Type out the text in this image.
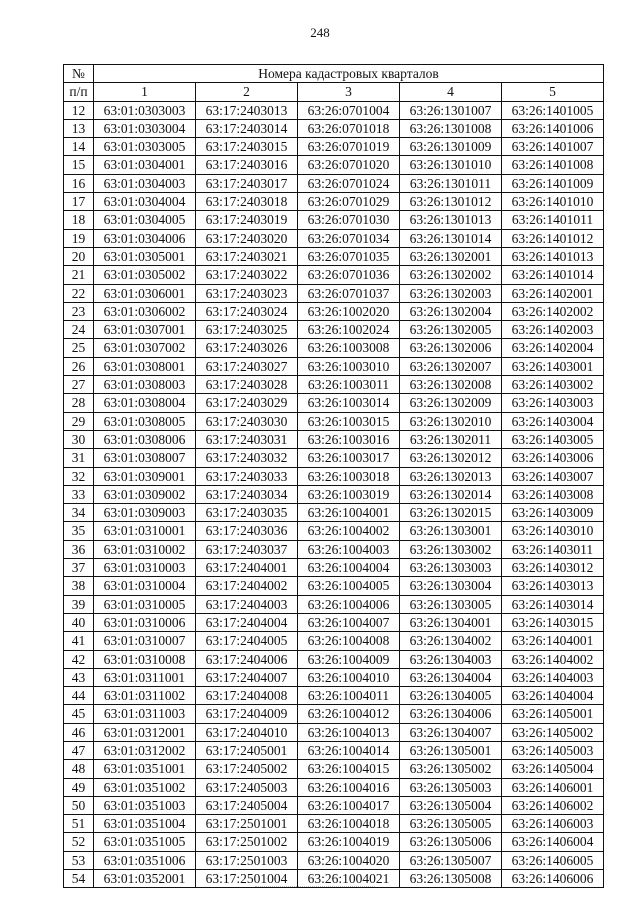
248
№	Номера кадастровых кварталов				
п/п	1	2	3	4	5
12	63:01:0303003	63:17:2403013	63:26:0701004	63:26:1301007	63:26:1401005
13	63:01:0303004	63:17:2403014	63:26:0701018	63:26:1301008	63:26:1401006
14	63:01:0303005	63:17:2403015	63:26:0701019	63:26:1301009	63:26:1401007
15	63:01:0304001	63:17:2403016	63:26:0701020	63:26:1301010	63:26:1401008
16	63:01:0304003	63:17:2403017	63:26:0701024	63:26:1301011	63:26:1401009
17	63:01:0304004	63:17:2403018	63:26:0701029	63:26:1301012	63:26:1401010
18	63:01:0304005	63:17:2403019	63:26:0701030	63:26:1301013	63:26:1401011
19	63:01:0304006	63:17:2403020	63:26:0701034	63:26:1301014	63:26:1401012
20	63:01:0305001	63:17:2403021	63:26:0701035	63:26:1302001	63:26:1401013
21	63:01:0305002	63:17:2403022	63:26:0701036	63:26:1302002	63:26:1401014
22	63:01:0306001	63:17:2403023	63:26:0701037	63:26:1302003	63:26:1402001
23	63:01:0306002	63:17:2403024	63:26:1002020	63:26:1302004	63:26:1402002
24	63:01:0307001	63:17:2403025	63:26:1002024	63:26:1302005	63:26:1402003
25	63:01:0307002	63:17:2403026	63:26:1003008	63:26:1302006	63:26:1402004
26	63:01:0308001	63:17:2403027	63:26:1003010	63:26:1302007	63:26:1403001
27	63:01:0308003	63:17:2403028	63:26:1003011	63:26:1302008	63:26:1403002
28	63:01:0308004	63:17:2403029	63:26:1003014	63:26:1302009	63:26:1403003
29	63:01:0308005	63:17:2403030	63:26:1003015	63:26:1302010	63:26:1403004
30	63:01:0308006	63:17:2403031	63:26:1003016	63:26:1302011	63:26:1403005
31	63:01:0308007	63:17:2403032	63:26:1003017	63:26:1302012	63:26:1403006
32	63:01:0309001	63:17:2403033	63:26:1003018	63:26:1302013	63:26:1403007
33	63:01:0309002	63:17:2403034	63:26:1003019	63:26:1302014	63:26:1403008
34	63:01:0309003	63:17:2403035	63:26:1004001	63:26:1302015	63:26:1403009
35	63:01:0310001	63:17:2403036	63:26:1004002	63:26:1303001	63:26:1403010
36	63:01:0310002	63:17:2403037	63:26:1004003	63:26:1303002	63:26:1403011
37	63:01:0310003	63:17:2404001	63:26:1004004	63:26:1303003	63:26:1403012
38	63:01:0310004	63:17:2404002	63:26:1004005	63:26:1303004	63:26:1403013
39	63:01:0310005	63:17:2404003	63:26:1004006	63:26:1303005	63:26:1403014
40	63:01:0310006	63:17:2404004	63:26:1004007	63:26:1304001	63:26:1403015
41	63:01:0310007	63:17:2404005	63:26:1004008	63:26:1304002	63:26:1404001
42	63:01:0310008	63:17:2404006	63:26:1004009	63:26:1304003	63:26:1404002
43	63:01:0311001	63:17:2404007	63:26:1004010	63:26:1304004	63:26:1404003
44	63:01:0311002	63:17:2404008	63:26:1004011	63:26:1304005	63:26:1404004
45	63:01:0311003	63:17:2404009	63:26:1004012	63:26:1304006	63:26:1405001
46	63:01:0312001	63:17:2404010	63:26:1004013	63:26:1304007	63:26:1405002
47	63:01:0312002	63:17:2405001	63:26:1004014	63:26:1305001	63:26:1405003
48	63:01:0351001	63:17:2405002	63:26:1004015	63:26:1305002	63:26:1405004
49	63:01:0351002	63:17:2405003	63:26:1004016	63:26:1305003	63:26:1406001
50	63:01:0351003	63:17:2405004	63:26:1004017	63:26:1305004	63:26:1406002
51	63:01:0351004	63:17:2501001	63:26:1004018	63:26:1305005	63:26:1406003
52	63:01:0351005	63:17:2501002	63:26:1004019	63:26:1305006	63:26:1406004
53	63:01:0351006	63:17:2501003	63:26:1004020	63:26:1305007	63:26:1406005
54	63:01:0352001	63:17:2501004	63:26:1004021	63:26:1305008	63:26:1406006
